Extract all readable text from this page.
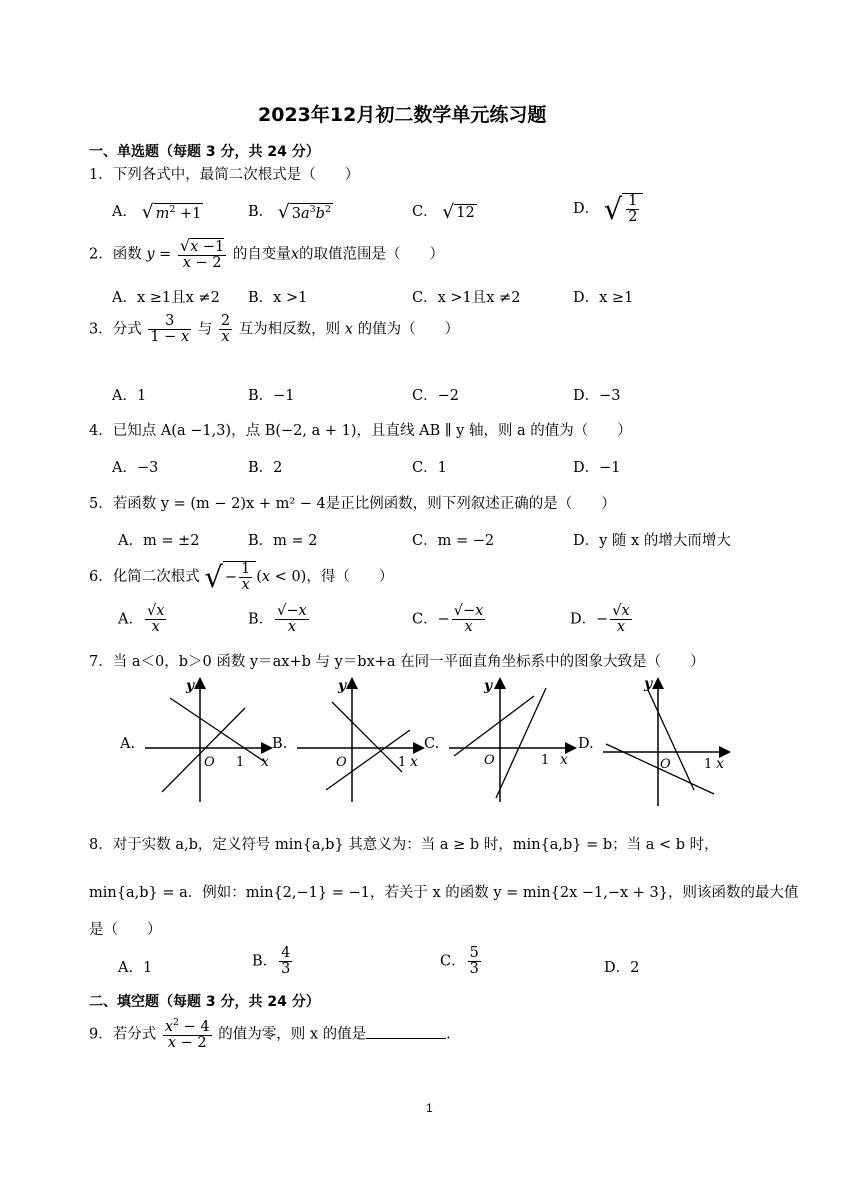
2023年12月初二数学单元练习题
一、单选题（每题 3 分，共 24 分）
1．下列各式中，最简二次根式是（　　）
A． √ $m^2 +1$	B． √ $3a^3b^2$	C． √ 12	D． √ $\frac{1}{2}$
2．函数 $y = \frac{√x -1}{x - 2}$ 的自变量x的取值范围是（　　）
A．x ≥1且x ≠2 B．x >1	C．x >1且x ≠2	D．x ≥1
3．分式 $\frac{3}{1 - x}$ 与 $\frac{2}{x}$ 互为相反数，则 x 的值为（　　）
A．1	B．−1	C．−2	D．−3
4．已知点 A(a −1,3)，点 B(−2, a + 1)，且直线 AB ∥ y 轴，则 a 的值为（　　）
A．−3	B．2	C．1	D．−1
5．若函数 y = (m − 2)x + m² − 4是正比例函数，则下列叙述正确的是（　　）
A．m = ±2	B．m = 2	C．m = −2	D．y 随 x 的增大而增大
6．化简二次根式 √ − $\frac{1}{x} (x < 0)$，得（　　）
A． $\frac{√x}{x}$	B． $\frac{√-x}{x}$	C．− $\frac{√-x}{x}$	D．− $\frac{√x}{x}$
7．当 a＜0，b＞0 函数 y＝ax+b 与 y＝bx+a 在同一平面直角坐标系中的图象大致是（　　）
A.	B.	C.	D.
y
O 1 x
y
O	1 x
y
O	1 x
y
O	1 x
8．对于实数 a,b，定义符号 min{a,b} 其意义为：当 a ≥ b 时，min{a,b} = b；当 a < b 时，
min{a,b} = a．例如：min{2,−1} = −1，若关于 x 的函数 y = min{2x −1,−x + 3}，则该函数的最大值
是（　　）
A．1	B． $\frac{4}{3}$	C． $\frac{5}{3}$	D．2
二、填空题（每题 3 分，共 24 分）
9．若分式 $\frac{x^2 - 4}{x - 2}$ 的值为零，则 x 的值是	.
1
